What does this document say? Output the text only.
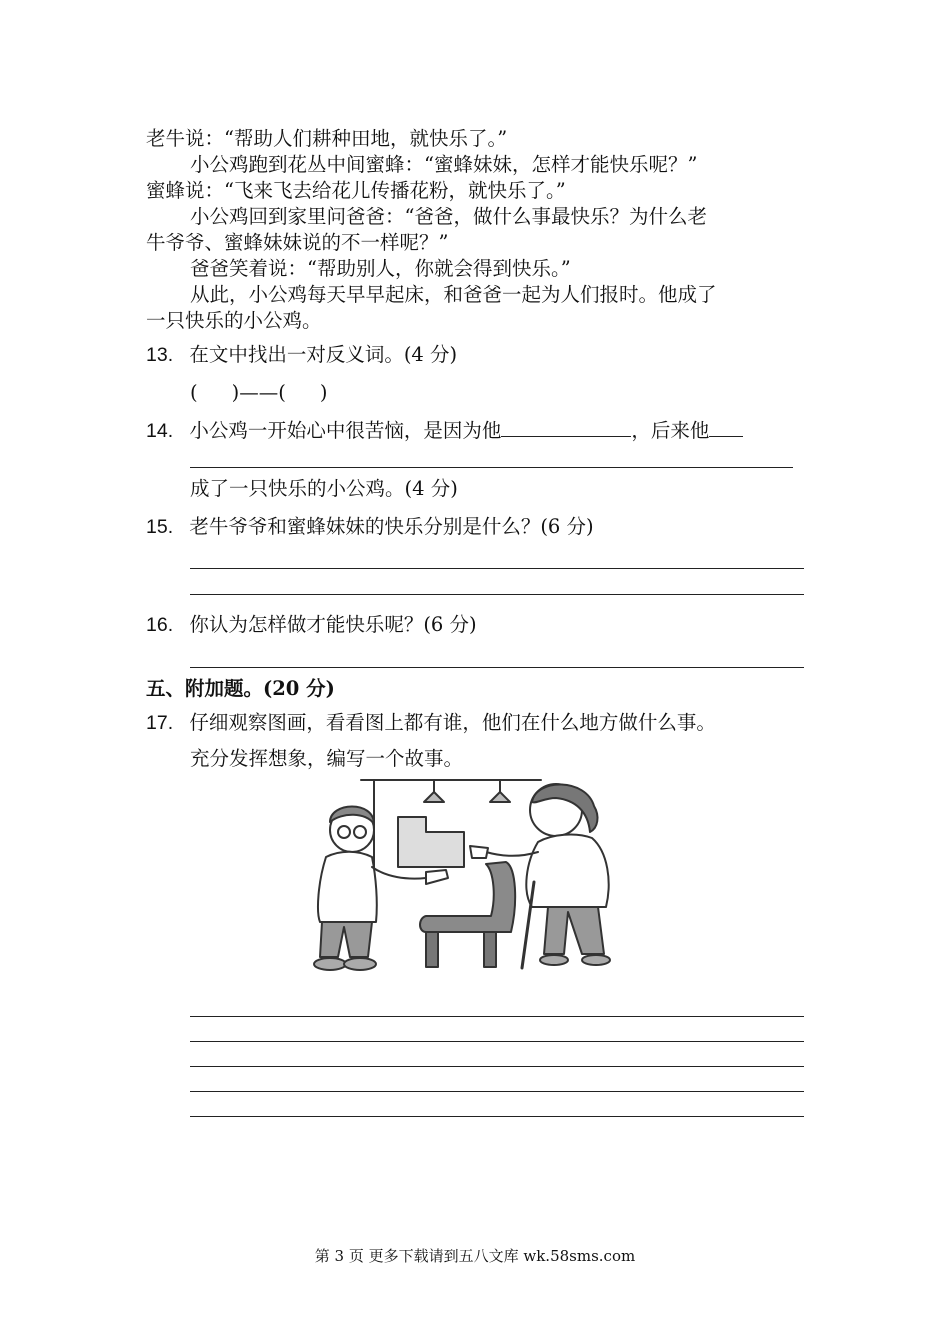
老牛说：“帮助人们耕种田地，就快乐了。”
小公鸡跑到花丛中间蜜蜂：“蜜蜂妹妹，怎样才能快乐呢？”
蜜蜂说：“飞来飞去给花儿传播花粉，就快乐了。”
小公鸡回到家里问爸爸：“爸爸，做什么事最快乐？为什么老
牛爷爷、蜜蜂妹妹说的不一样呢？”
爸爸笑着说：“帮助别人，你就会得到快乐。”
从此，小公鸡每天早早起床，和爸爸一起为人们报时。他成了
一只快乐的小公鸡。
13. 在文中找出一对反义词。(4 分)
( )——( )
14. 小公鸡一开始心中很苦恼，是因为他	，后来他
成了一只快乐的小公鸡。(4 分)
15. 老牛爷爷和蜜蜂妹妹的快乐分别是什么？(6 分)
16. 你认为怎样做才能快乐呢？(6 分)
五、附加题。(20 分)
17. 仔细观察图画，看看图上都有谁，他们在什么地方做什么事。
充分发挥想象，编写一个故事。
第 3 页 更多下载请到五八文库 wk.58sms.com
